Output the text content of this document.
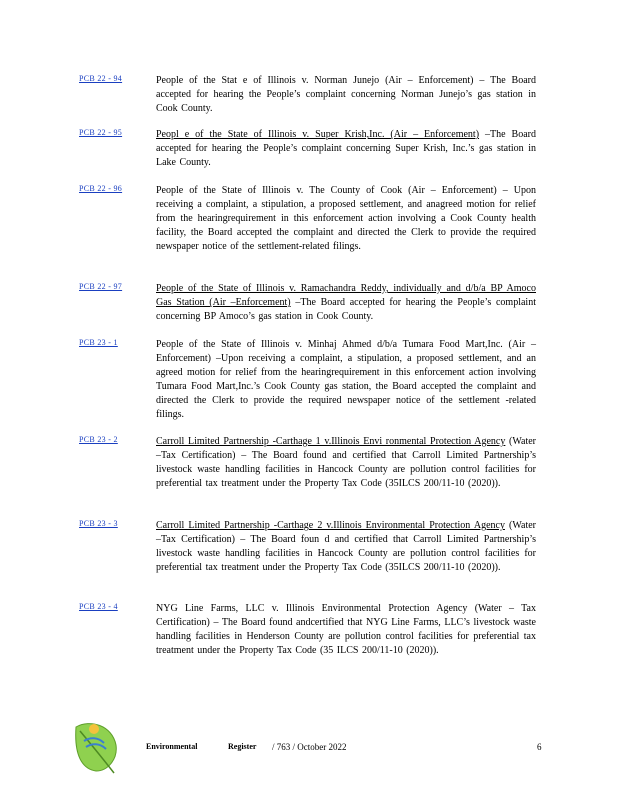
PCB 22 - 94	People of the Stat e of Illinois v. Norman Junejo (Air – Enforcement) – The Board accepted for hearing the People’s complaint concerning Norman Junejo’s gas station in Cook County.
PCB 22 - 95	Peopl e of the State of Illinois v. Super Krish,Inc. (Air – Enforcement) –The Board accepted for hearing the People’s complaint concerning Super Krish, Inc.’s gas station in Lake County.
PCB 22 - 96	People of the State of Illinois v. The County of Cook (Air – Enforcement) – Upon receiving a complaint, a stipulation, a proposed settlement, and anagreed motion for relief from the hearingrequirement in this enforcement action involving a Cook County health facility, the Board accepted the complaint and directed the Clerk to provide the required newspaper notice of the settlement-related filings.
PCB 22 - 97	People of the State of Illinois v. Ramachandra Reddy, individually and d/b/a BP Amoco Gas Station (Air –Enforcement) –The Board accepted for hearing the People’s complaint concerning BP Amoco’s gas station in Cook County.
PCB 23 - 1	People of the State of Illinois v. Minhaj Ahmed d/b/a Tumara Food Mart,Inc. (Air –Enforcement) –Upon receiving a complaint, a stipulation, a proposed settlement, and an agreed motion for relief from the hearingrequirement in this enforcement action involving Tumara Food Mart,Inc.’s Cook County gas station, the Board accepted the complaint and directed the Clerk to provide the required newspaper notice of the settlement -related filings.
PCB 23 - 2	Carroll Limited Partnership -Carthage 1 v.Illinois Envi ronmental Protection Agency (Water –Tax Certification) – The Board found and certified that Carroll Limited Partnership’s livestock waste handling facilities in Hancock County are pollution control facilities for preferential tax treatment under the Property Tax Code (35ILCS 200/11-10 (2020)).
PCB 23 - 3	Carroll Limited Partnership -Carthage 2 v.Illinois Environmental Protection Agency (Water –Tax Certification) – The Board foun d and certified that Carroll Limited Partnership’s livestock waste handling facilities in Hancock County are pollution control facilities for preferential tax treatment under the Property Tax Code (35ILCS 200/11-10 (2020)).
PCB 23 - 4	NYG Line Farms, LLC v. Illinois Environmental Protection Agency (Water – Tax Certification) – The Board found andcertified that NYG Line Farms, LLC’s livestock waste handling facilities in Henderson County are pollution control facilities for preferential tax treatment under the Property Tax Code (35 ILCS 200/11-10 (2020)).
Environmental	Register / 763 / October 2022	6
